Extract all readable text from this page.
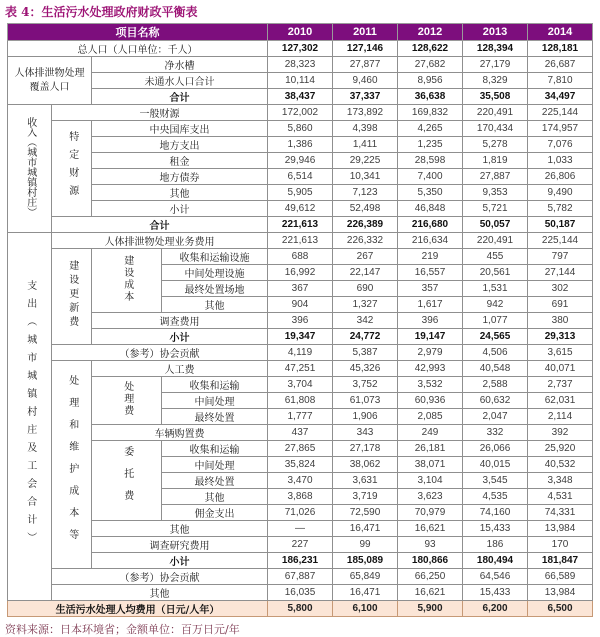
表 4：生活污水处理政府财政平衡表
项目名称				2010	2011	2012	2013	2014
总人口（人口单位：千人）				127,302	127,146	128,622	128,394	128,181
人体排泄物处理覆盖人口		净水槽		28,323	27,877	27,682	27,179	26,687
		未通水人口合计		10,114	9,460	8,956	8,329	7,810
		合计		38,437	37,337	36,638	35,508	34,497
收入（城市城镇村庄）	一般财源			172,002	173,892	169,832	220,491	225,144
	特定财源	中央国库支出		5,860	4,398	4,265	170,434	174,957
		地方支出		1,386	1,411	1,235	5,278	7,076
		租金		29,946	29,225	28,598	1,819	1,033
		地方债券		6,514	10,341	7,400	27,887	26,806
		其他		5,905	7,123	5,350	9,353	9,490
		小计		49,612	52,498	46,848	5,721	5,782
	合计			221,613	226,389	216,680	50,057	50,187
支出（城市城镇村庄及工会合计）	人体排泄物处理业务费用			221,613	226,332	216,634	220,491	225,144
	建设更新费	建设成本	收集和运输设施	688	267	219	455	797
			中间处理设施	16,992	22,147	16,557	20,561	27,144
			最终处置场地	367	690	357	1,531	302
			其他	904	1,327	1,617	942	691
		调查费用		396	342	396	1,077	380
		小计		19,347	24,772	19,147	24,565	29,313
	（参考）协会贡献			4,119	5,387	2,979	4,506	3,615
	处理和维护成本等	人工费		47,251	45,326	42,993	40,548	40,071
		处理费	收集和运输	3,704	3,752	3,532	2,588	2,737
			中间处理	61,808	61,073	60,936	60,632	62,031
			最终处置	1,777	1,906	2,085	2,047	2,114
		车辆购置费		437	343	249	332	392
		委托费	收集和运输	27,865	27,178	26,181	26,066	25,920
			中间处理	35,824	38,062	38,071	40,015	40,532
			最终处置	3,470	3,631	3,104	3,545	3,348
			其他	3,868	3,719	3,623	4,535	4,531
			佣金支出	71,026	72,590	70,979	74,160	74,331
		其他		—	16,471	16,621	15,433	13,984
		调查研究费用		227	99	93	186	170
		小计		186,231	185,089	180,866	180,494	181,847
	（参考）协会贡献			67,887	65,849	66,250	64,546	66,589
	其他			16,035	16,471	16,621	15,433	13,984
生活污水处理人均费用（日元/人年）				5,800	6,100	5,900	6,200	6,500
资料来源：日本环境省；金额单位：百万日元/年
